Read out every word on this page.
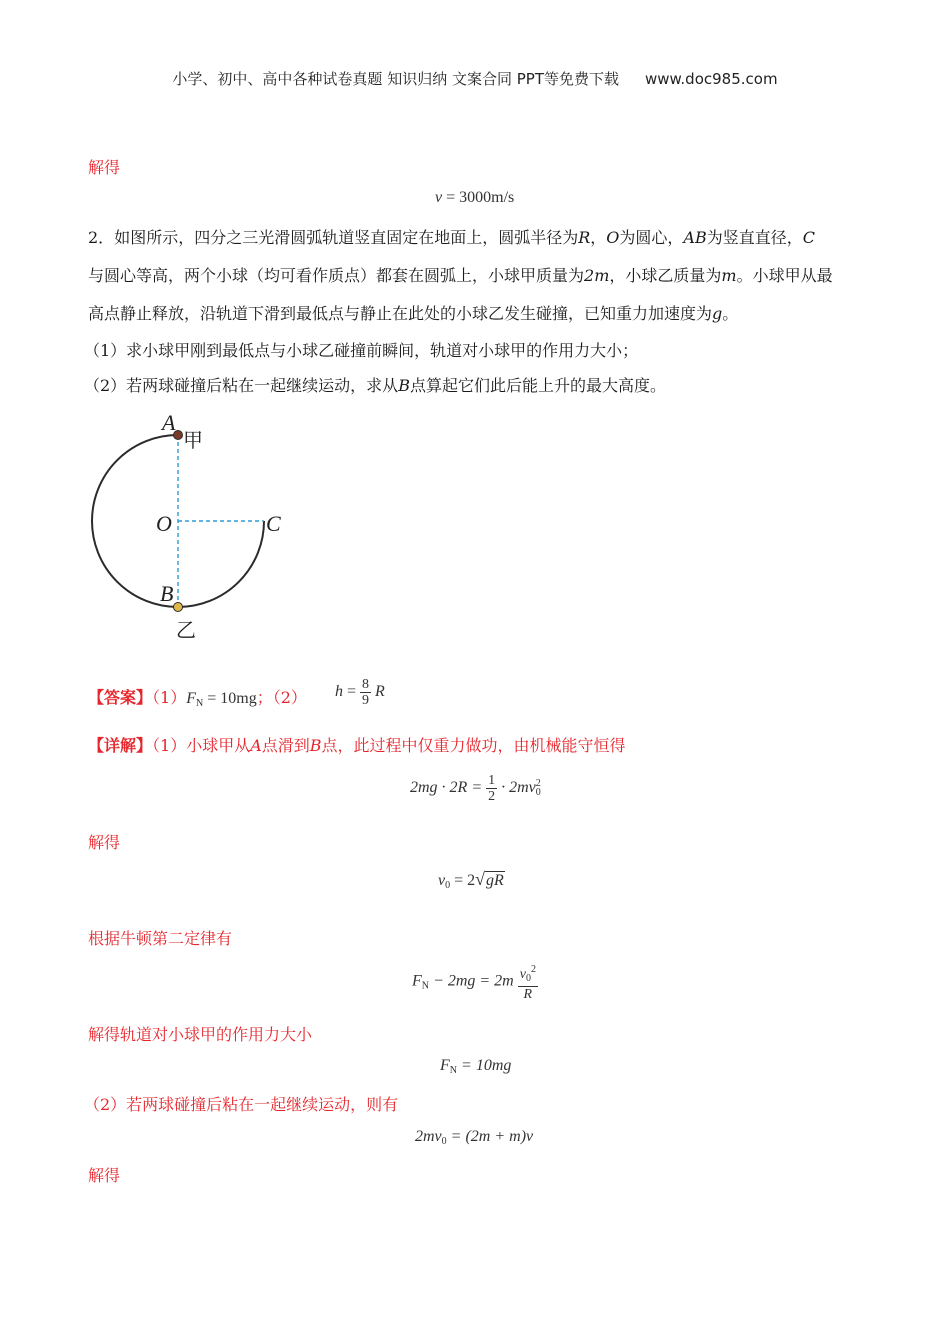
小学、初中、高中各种试卷真题 知识归纳 文案合同 PPT等免费下载 www.doc985.com
解得
v = 3000m/s
2．如图所示，四分之三光滑圆弧轨道竖直固定在地面上，圆弧半径为R，O为圆心，AB为竖直直径，C
与圆心等高，两个小球（均可看作质点）都套在圆弧上，小球甲质量为2m，小球乙质量为m。小球甲从最
高点静止释放，沿轨道下滑到最低点与静止在此处的小球乙发生碰撞，已知重力加速度为g。
（1）求小球甲刚到最低点与小球乙碰撞前瞬间，轨道对小球甲的作用力大小；
（2）若两球碰撞后粘在一起继续运动，求从B点算起它们此后能上升的最大高度。
A
甲
O	C
B
乙
【答案】$(1)F_N = 10mg$；（2） $h = \frac{8}{9}$ R
【详解】（1）小球甲从A点滑到B点，此过程中仅重力做功，由机械能守恒得
$2mg \cdot 2R = \frac{1}{2} \cdot 2mv_0^2$
解得
$v_0 = 2√gR$
根据牛顿第二定律有
$F_N - 2mg = 2m \frac{v_0^2}{R}$
解得轨道对小球甲的作用力大小
$F_N = 10mg$
（2）若两球碰撞后粘在一起继续运动，则有
$2mv_0 = (2m + m)v$
解得
